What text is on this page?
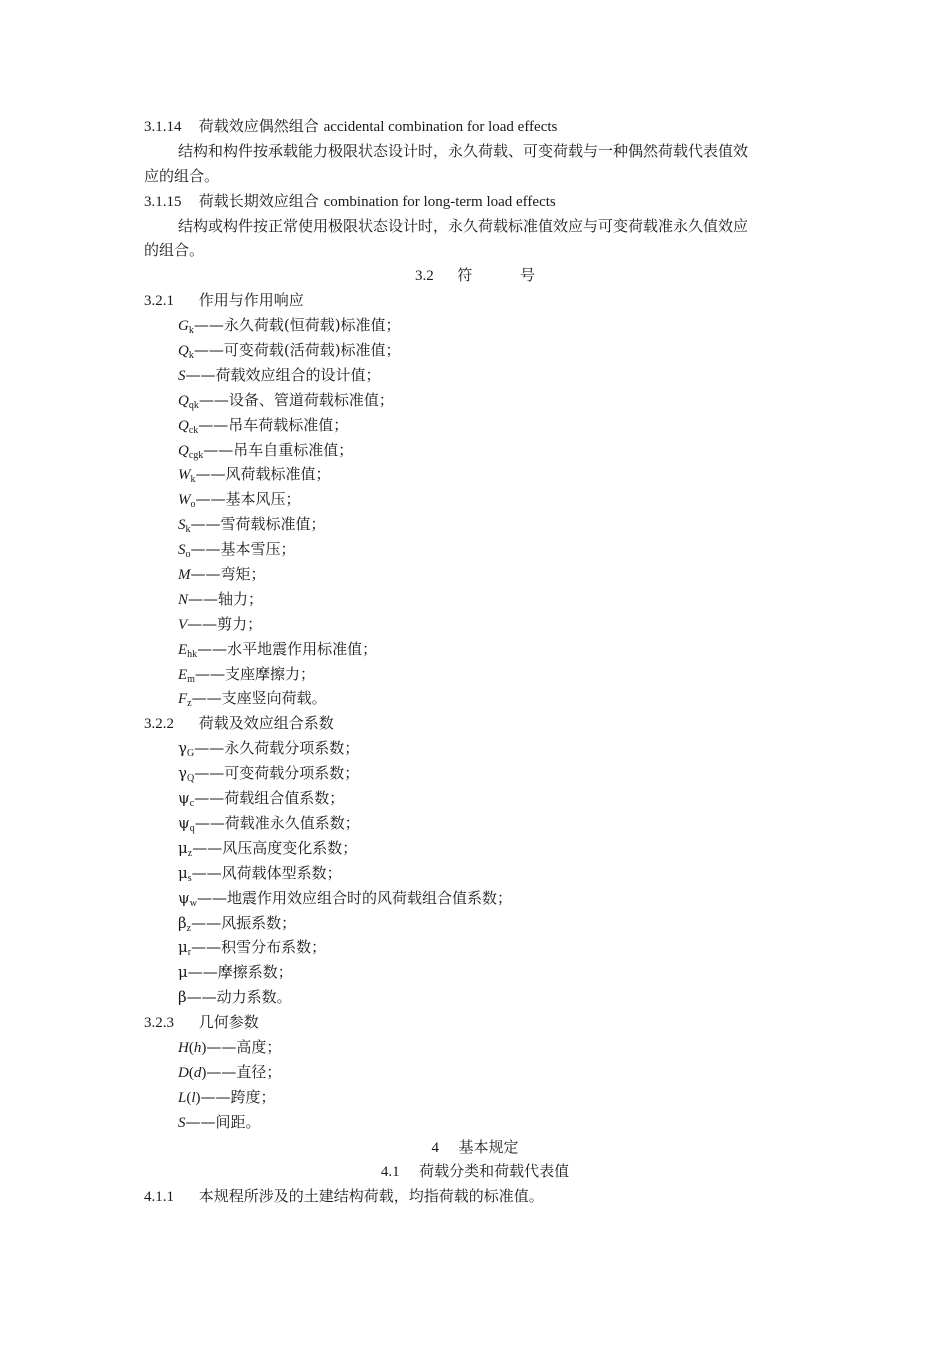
3.1.14 荷载效应偶然组合 accidental combination for load effects
结构和构件按承载能力极限状态设计时，永久荷载、可变荷载与一种偶然荷载代表值效
应的组合。
3.1.15 荷载长期效应组合 combination for long-term load effects
结构或构件按正常使用极限状态设计时，永久荷载标准值效应与可变荷载准永久值效应
的组合。
3.2 符	号
3.2.1 作用与作用响应
$G_k——$永久荷载(恒荷载)标准值；
$Q_k——$可变荷载(活荷载)标准值；
S——荷载效应组合的设计值；
$Q_{qk}——$设备、管道荷载标准值；
$Q_{ck}——$吊车荷载标准值；
$Q_{cgk}——$吊车自重标准值；
$W_k——$风荷载标准值；
$W_o——$基本风压；
$S_k——$雪荷载标准值；
$S_o——$基本雪压；
M——弯矩；
N——轴力；
V——剪力；
$E_{hk}——$水平地震作用标准值；
$E_m——$支座摩擦力；
$F_z——$支座竖向荷载。
3.2.2 荷载及效应组合系数
$\gamma_G——$永久荷载分项系数；
$\gamma_Q——$可变荷载分项系数；
$\psi_c——$荷载组合值系数；
$\psi_q——$荷载准永久值系数；
$\mu_z——$风压高度变化系数；
$\mu_s——$风荷载体型系数；
$\psi_w——$地震作用效应组合时的风荷载组合值系数；
$\beta_z——$风振系数；
$\mu_r——$积雪分布系数；
μ——摩擦系数；
β——动力系数。
3.2.3 几何参数
H(h)——高度；
D(d)——直径；
L(l)——跨度；
S——间距。
4 基本规定
4.1 荷载分类和荷载代表值
4.1.1 本规程所涉及的土建结构荷载，均指荷载的标准值。
